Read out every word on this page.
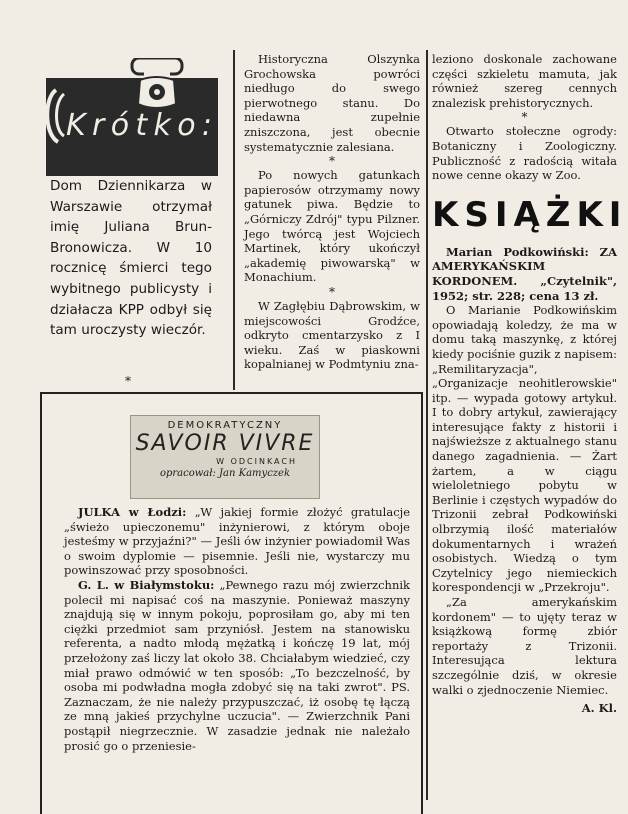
Krótko:
Dom Dziennikarza w Warszawie otrzymał imię Juliana Brun-Bronowicza. W 10 rocznicę śmierci tego wybitnego publicysty i działacza KPP odbył się tam uroczysty wieczór.
*

Historyczna Olszynka Grochowska powróci niedługo do swego pierwotnego stanu. Do niedawna zupełnie zniszczona, jest obecnie systematycznie zalesiana.

*

Po nowych gatunkach papierosów otrzymamy nowy gatunek piwa. Będzie to „Górniczy Zdrój" typu Pilzner. Jego twórcą jest Wojciech Martinek, który ukończył „akademię piwowarską" w Monachium.

*

W Zagłębiu Dąbrowskim, w miejscowości Grodźce, odkryto cmentarzysko z I wieku. Zaś w piaskowni kopalnianej w Podmtyniu zna-

leziono doskonale zachowane części szkieletu mamuta, jak również szereg cennych znalezisk prehistorycznych.

*

Otwarto stołeczne ogrody: Botaniczny i Zoologiczny. Publiczność z radością witała nowe cenne okazy w Zoo.

KSIĄŻKI

Marian Podkowiński: ZA AMERYKAŃSKIM KORDONEM. „Czytelnik", 1952; str. 228; cena 13 zł.

O Marianie Podkowińskim opowiadają koledzy, że ma w domu taką maszynkę, z której kiedy pociśnie guzik z napisem: „Remilitaryzacja", „Organizacje neohitlerowskie" itp. — wypada gotowy artykuł. I to dobry artykuł, zawierający interesujące fakty z historii i najświeższe z aktualnego stanu danego zagadnienia. — Żart żartem, a w ciągu wieloletniego pobytu w Berlinie i częstych wypadów do Trizonii zebrał Podkowiński olbrzymią ilość materiałów dokumentarnych i wrażeń osobistych. Wiedzą o tym Czytelnicy jego niemieckich korespondencji w „Przekroju".

„Za amerykańskim kordonem" — to ujęty teraz w książkową formę zbiór reportaży z Trizonii. Interesująca lektura szczególnie dziś, w okresie walki o zjednoczenie Niemiec.

A. Kl.

DEMOKRATYCZNY
SAVOIR VIVRE
W ODCINKACH
opracował: Jan Kamyczek

JULKA w Łodzi: „W jakiej formie złożyć gratulacje „świeżo upieczonemu" inżynierowi, z którym oboje jesteśmy w przyjaźni?" — Jeśli ów inżynier powiadomił Was o swoim dyplomie — pisemnie. Jeśli nie, wystarczy mu powinszować przy sposobności.

G. L. w Białymstoku: „Pewnego razu mój zwierzchnik polecił mi napisać coś na maszynie. Ponieważ maszyny znajdują się w innym pokoju, poprosiłam go, aby mi ten ciężki przedmiot sam przyniósł. Jestem na stanowisku referenta, a nadto młodą mężatką i kończę 19 lat, mój przełożony zaś liczy lat około 38. Chciałabym wiedzieć, czy miał prawo odmówić w ten sposób: „To bezczelność, by osoba mi podwładna mogła zdobyć się na taki zwrot". PS. Zaznaczam, że nie należy przypuszczać, iż osobę tę łączą ze mną jakieś przychylne uczucia". — Zwierzchnik Pani postąpił niegrzecznie. W zasadzie jednak nie należało prosić go o przeniesie-
